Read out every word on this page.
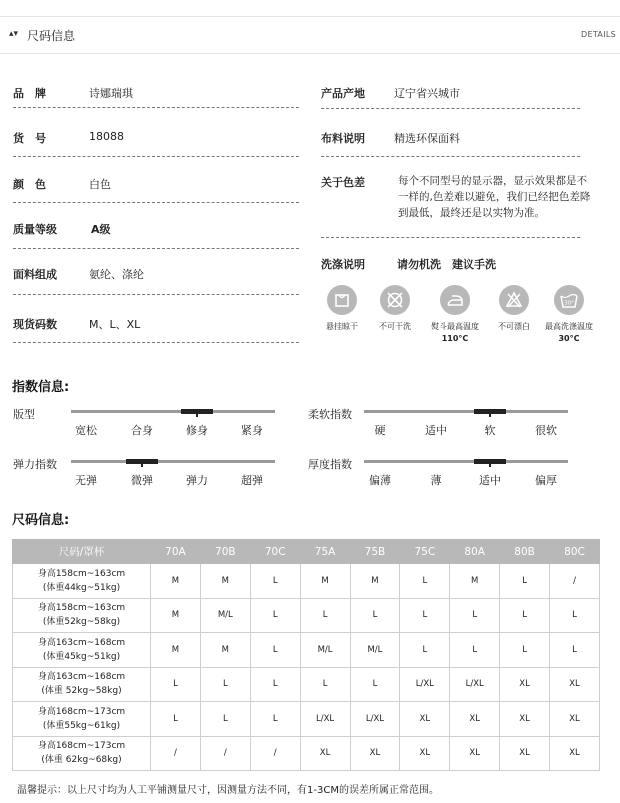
▴▾ 尺码信息	DETAILS
品　牌	诗娜瑞琪
货　号	18088
颜　色	白色
质量等级	A级
面料组成	氨纶、涤纶
现货码数	M、L、XL
产品产地	辽宁省兴城市
布料说明	精选环保面料
关于色差	每个不同型号的显示器，显示效果都是不一样的,色差难以避免，我们已经把色差降到最低，最终还是以实物为准。
洗涤说明	请勿机洗　建议手洗
悬挂晾干	不可干洗	熨斗最高温度
110°C
不可漂白
30°
最高洗涤温度
30°C
指数信息:
版型
宽松	合身	修身	紧身
柔软指数
硬	适中	软	很软
弹力指数
无弹	微弹	弹力	超弹
厚度指数
偏薄	薄	适中	偏厚
尺码信息:
尺码/罩杯	70A	70B	70C	75A	75B	75C	80A	80B	80C

身高158cm~163cm
(体重44kg~51kg)	M	M	L	M	M	L	M	L	/

身高158cm~163cm
(体重52kg~58kg)	M	M/L	L	L	L	L	L	L	L

身高163cm~168cm
(体重45kg~51kg)	M	M	L	M/L	M/L	L	L	L	L

身高163cm~168cm
(体重 52kg~58kg)	L	L	L	L	L	L/XL	L/XL	XL	XL

身高168cm~173cm
(体重55kg~61kg)	L	L	L	L/XL	L/XL	XL	XL	XL	XL

身高168cm~173cm
(体重 62kg~68kg)	/	/	/	XL	XL	XL	XL	XL	XL
温馨提示：以上尺寸均为人工平铺测量尺寸，因测量方法不同，有1-3CM的误差所属正常范围。
